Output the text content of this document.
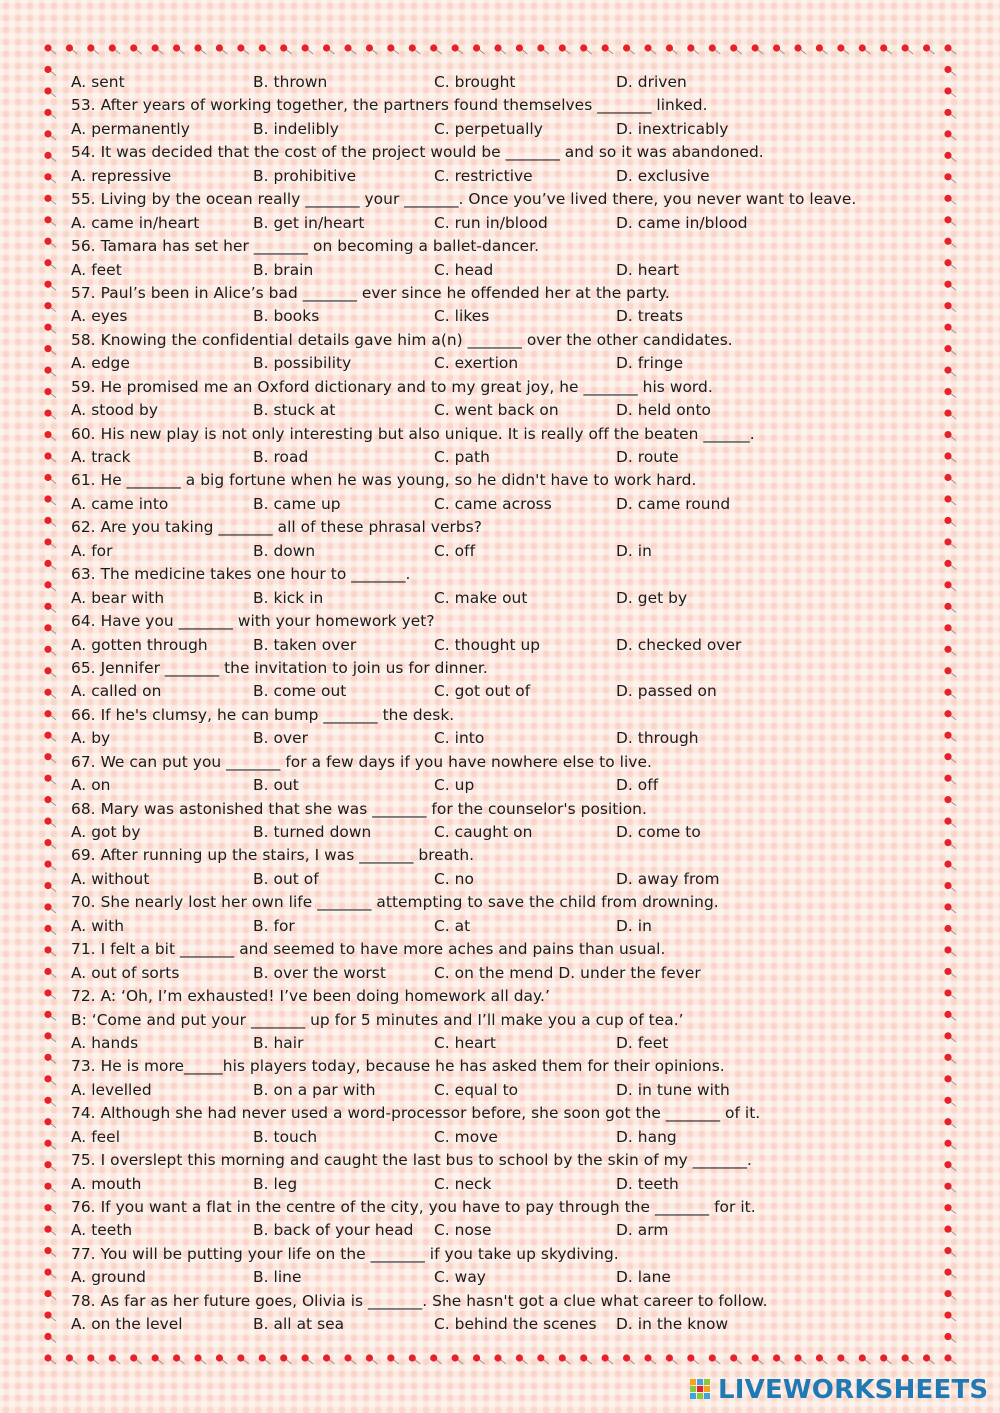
A. sent	B. thrown	C. brought	D. driven
53. After years of working together, the partners found themselves _______ linked.
A. permanently	B. indelibly	C. perpetually	D. inextricably
54. It was decided that the cost of the project would be _______ and so it was abandoned.
A. repressive	B. prohibitive	C. restrictive	D. exclusive
55. Living by the ocean really _______ your _______. Once you’ve lived there, you never want to leave.
A. came in/heart	B. get in/heart	C. run in/blood	D. came in/blood
56. Tamara has set her _______ on becoming a ballet-dancer.
A. feet	B. brain	C. head	D. heart
57. Paul’s been in Alice’s bad _______ ever since he offended her at the party.
A. eyes	B. books	C. likes	D. treats
58. Knowing the confidential details gave him a(n) _______ over the other candidates.
A. edge	B. possibility	C. exertion	D. fringe
59. He promised me an Oxford dictionary and to my great joy, he _______ his word.
A. stood by	B. stuck at	C. went back on	D. held onto
60. His new play is not only interesting but also unique. It is really off the beaten ______.
A. track	B. road	C. path	D. route
61. He _______ a big fortune when he was young, so he didn't have to work hard.
A. came into	B. came up	C. came across	D. came round
62. Are you taking _______ all of these phrasal verbs?
A. for	B. down	C. off	D. in
63. The medicine takes one hour to _______.
A. bear with	B. kick in	C. make out	D. get by
64. Have you _______ with your homework yet?
A. gotten through	B. taken over	C. thought up	D. checked over
65. Jennifer _______ the invitation to join us for dinner.
A. called on	B. come out	C. got out of	D. passed on
66. If he's clumsy, he can bump _______ the desk.
A. by	B. over	C. into	D. through
67. We can put you _______ for a few days if you have nowhere else to live.
A. on	B. out	C. up	D. off
68. Mary was astonished that she was _______ for the counselor's position.
A. got by	B. turned down	C. caught on	D. come to
69. After running up the stairs, I was _______ breath.
A. without	B. out of	C. no	D. away from
70. She nearly lost her own life _______ attempting to save the child from drowning.
A. with	B. for	C. at	D. in
71. I felt a bit _______ and seemed to have more aches and pains than usual.
A. out of sorts	B. over the worst	C. on the mend D. under the fever
72. A: ‘Oh, I’m exhausted! I’ve been doing homework all day.’
B: ‘Come and put your _______ up for 5 minutes and I’ll make you a cup of tea.’
A. hands	B. hair	C. heart	D. feet
73. He is more_____his players today, because he has asked them for their opinions.
A. levelled	B. on a par with	C. equal to	D. in tune with
74. Although she had never used a word-processor before, she soon got the _______ of it.
A. feel	B. touch	C. move	D. hang
75. I overslept this morning and caught the last bus to school by the skin of my _______.
A. mouth	B. leg	C. neck	D. teeth
76. If you want a flat in the centre of the city, you have to pay through the _______ for it.
A. teeth	B. back of your head C. nose	D. arm
77. You will be putting your life on the _______ if you take up skydiving.
A. ground	B. line	C. way	D. lane
78. As far as her future goes, Olivia is _______. She hasn't got a clue what career to follow.
A. on the level	B. all at sea	C. behind the scenes D. in the know
LIVEWORKSHEETS
